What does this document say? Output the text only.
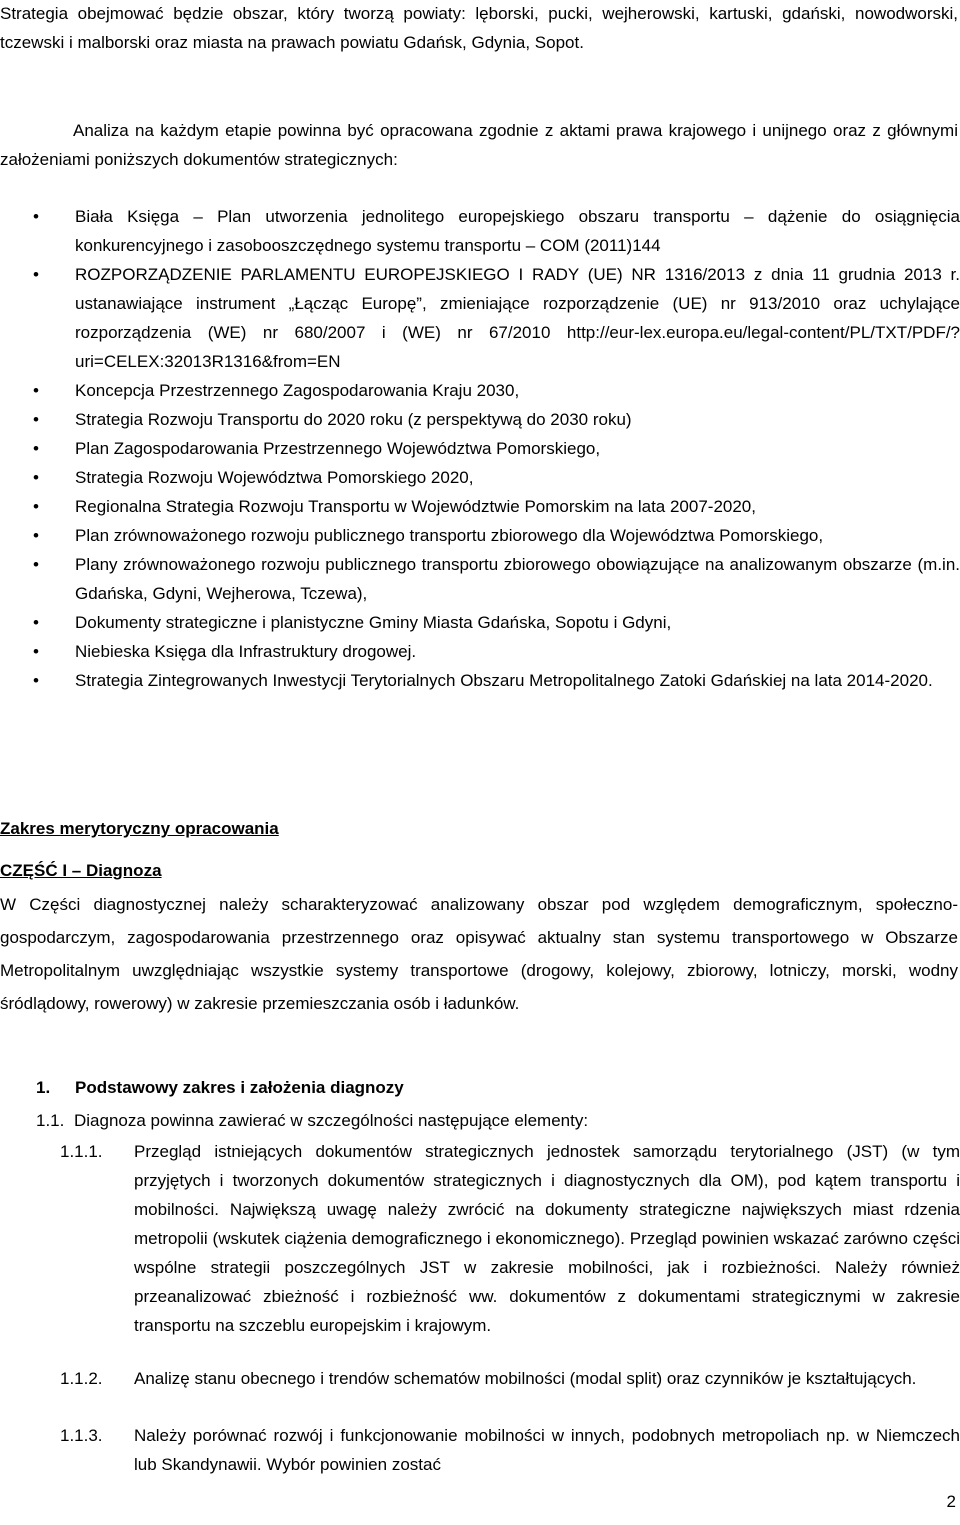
Strategia obejmować będzie obszar, który tworzą powiaty: lęborski, pucki, wejherowski, kartuski, gdański, nowodworski, tczewski i malborski oraz miasta na prawach powiatu Gdańsk, Gdynia, Sopot.
Analiza na każdym etapie powinna być opracowana zgodnie z aktami prawa krajowego i unijnego oraz z głównymi założeniami poniższych dokumentów strategicznych:
• Biała Księga – Plan utworzenia jednolitego europejskiego obszaru transportu – dążenie do osiągnięcia konkurencyjnego i zasobooszczędnego systemu transportu – COM (2011)144
• ROZPORZĄDZENIE PARLAMENTU EUROPEJSKIEGO I RADY (UE) NR 1316/2013 z dnia 11 grudnia 2013 r. ustanawiające instrument „Łącząc Europę”, zmieniające rozporządzenie (UE) nr 913/2010 oraz uchylające rozporządzenia (WE) nr 680/2007 i (WE) nr 67/2010 http://eur-lex.europa.eu/legal-content/PL/TXT/PDF/?uri=CELEX:32013R1316&from=EN
• Koncepcja Przestrzennego Zagospodarowania Kraju 2030,
• Strategia Rozwoju Transportu do 2020 roku (z perspektywą do 2030 roku)
• Plan Zagospodarowania Przestrzennego Województwa Pomorskiego,
• Strategia Rozwoju Województwa Pomorskiego 2020,
• Regionalna Strategia Rozwoju Transportu w Województwie Pomorskim na lata 2007-2020,
• Plan zrównoważonego rozwoju publicznego transportu zbiorowego dla Województwa Pomorskiego,
• Plany zrównoważonego rozwoju publicznego transportu zbiorowego obowiązujące na analizowanym obszarze (m.in. Gdańska, Gdyni, Wejherowa, Tczewa),
• Dokumenty strategiczne i planistyczne Gminy Miasta Gdańska, Sopotu i Gdyni,
• Niebieska Księga dla Infrastruktury drogowej.
• Strategia Zintegrowanych Inwestycji Terytorialnych Obszaru Metropolitalnego Zatoki Gdańskiej na lata 2014-2020.
Zakres merytoryczny opracowania
CZĘŚĆ I – Diagnoza
W Części diagnostycznej należy scharakteryzować analizowany obszar pod względem demograficznym, społeczno-gospodarczym, zagospodarowania przestrzennego oraz opisywać aktualny stan systemu transportowego w Obszarze Metropolitalnym uwzględniając wszystkie systemy transportowe (drogowy, kolejowy, zbiorowy, lotniczy, morski, wodny śródlądowy, rowerowy) w zakresie przemieszczania osób i ładunków.
1. Podstawowy zakres i założenia diagnozy
1.1. Diagnoza powinna zawierać w szczególności następujące elementy:
1.1.1. Przegląd istniejących dokumentów strategicznych jednostek samorządu terytorialnego (JST) (w tym przyjętych i tworzonych dokumentów strategicznych i diagnostycznych dla OM), pod kątem transportu i mobilności. Największą uwagę należy zwrócić na dokumenty strategiczne największych miast rdzenia metropolii (wskutek ciążenia demograficznego i ekonomicznego). Przegląd powinien wskazać zarówno części wspólne strategii poszczególnych JST w zakresie mobilności, jak i rozbieżności. Należy również przeanalizować zbieżność i rozbieżność ww. dokumentów z dokumentami strategicznymi w zakresie transportu na szczeblu europejskim i krajowym.
1.1.2. Analizę stanu obecnego i trendów schematów mobilności (modal split) oraz czynników je kształtujących.
1.1.3. Należy porównać rozwój i funkcjonowanie mobilności w innych, podobnych metropoliach np. w Niemczech lub Skandynawii. Wybór powinien zostać
2
